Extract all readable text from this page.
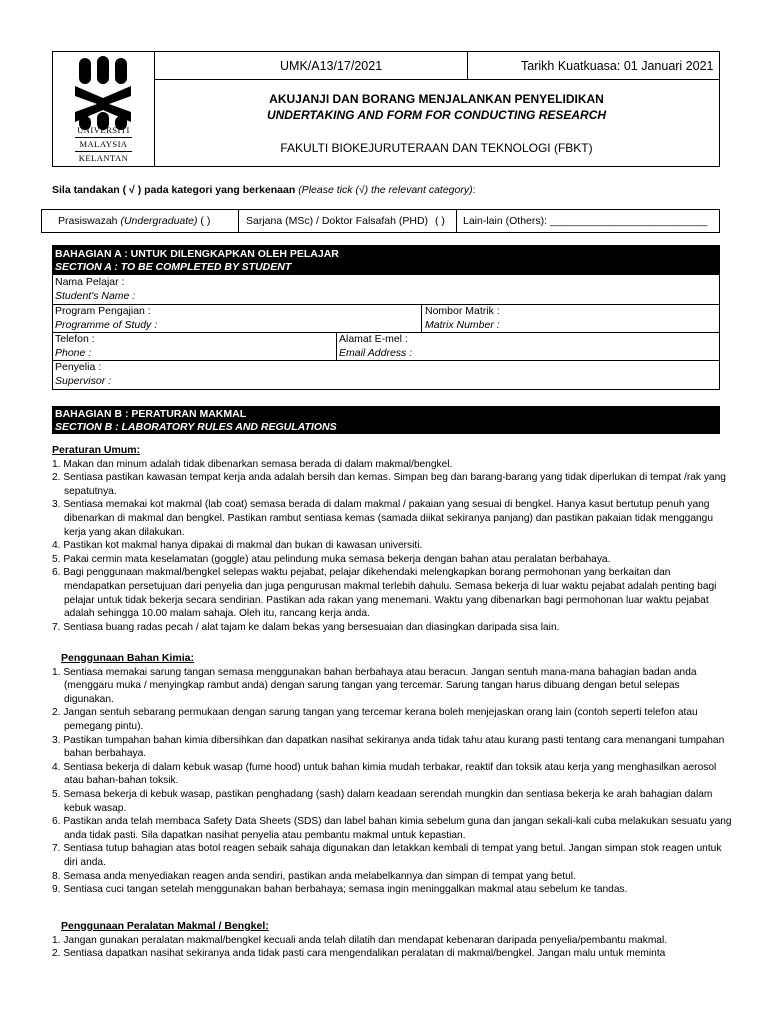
UNIVERSITI
MALAYSIA
KELANTAN
UMK/A13/17/2021	Tarikh Kuatkuasa: 01 Januari 2021
AKUJANJI DAN BORANG MENJALANKAN PENYELIDIKAN
UNDERTAKING AND FORM FOR CONDUCTING RESEARCH
FAKULTI BIOKEJURUTERAAN DAN TEKNOLOGI (FBKT)
Sila tandakan ( √ ) pada kategori yang berkenaan (Please tick (√) the relevant category):
Prasiswazah (Undergraduate) ( )	Sarjana (MSc) / Doktor Falsafah (PHD) ( ) Lain-lain (Others): ___________________________
BAHAGIAN A : UNTUK DILENGKAPKAN OLEH PELAJAR
SECTION A : TO BE COMPLETED BY STUDENT
Nama Pelajar :
Student's Name :
Program Pengajian :
Programme of Study :
Nombor Matrik :
Matrix Number :
Telefon :
Phone :
Alamat E-mel :
Email Address :
Penyelia :
Supervisor :
BAHAGIAN B : PERATURAN MAKMAL
SECTION B : LABORATORY RULES AND REGULATIONS

Peraturan Umum:

1. Makan dan minum adalah tidak dibenarkan semasa berada di dalam makmal/bengkel.

2. Sentiasa pastikan kawasan tempat kerja anda adalah bersih dan kemas. Simpan beg dan barang-barang yang tidak diperlukan di tempat /rak yang sepatutnya.

3. Sentiasa memakai kot makmal (lab coat) semasa berada di dalam makmal / pakaian yang sesuai di bengkel. Hanya kasut bertutup penuh yang dibenarkan di makmal dan bengkel. Pastikan rambut sentiasa kemas (samada diikat sekiranya panjang) dan pastikan pakaian tidak menggangu kerja yang akan dilakukan.

4. Pastikan kot makmal hanya dipakai di makmal dan bukan di kawasan universiti.

5. Pakai cermin mata keselamatan (goggle) atau pelindung muka semasa bekerja dengan bahan atau peralatan berbahaya.

6. Bagi penggunaan makmal/bengkel selepas waktu pejabat, pelajar dikehendaki melengkapkan borang permohonan yang berkaitan dan mendapatkan persetujuan dari penyelia dan juga pengurusan makmal terlebih dahulu. Semasa bekerja di luar waktu pejabat adalah penting bagi pelajar untuk tidak bekerja secara sendirian. Pastikan ada rakan yang menemani. Waktu yang dibenarkan bagi permohonan luar waktu pejabat adalah sehingga 10.00 malam sahaja. Oleh itu, rancang kerja anda.

7. Sentiasa buang radas pecah / alat tajam ke dalam bekas yang bersesuaian dan diasingkan daripada sisa lain.

Penggunaan Bahan Kimia:

1. Sentiasa memakai sarung tangan semasa menggunakan bahan berbahaya atau beracun. Jangan sentuh mana-mana bahagian badan anda (menggaru muka / menyingkap rambut anda) dengan sarung tangan yang tercemar. Sarung tangan harus dibuang dengan betul selepas digunakan.

2. Jangan sentuh sebarang permukaan dengan sarung tangan yang tercemar kerana boleh menjejaskan orang lain (contoh seperti telefon atau pemegang pintu).

3. Pastikan tumpahan bahan kimia dibersihkan dan dapatkan nasihat sekiranya anda tidak tahu atau kurang pasti tentang cara menangani tumpahan bahan berbahaya.

4. Sentiasa bekerja di dalam kebuk wasap (fume hood) untuk bahan kimia mudah terbakar, reaktif dan toksik atau kerja yang menghasilkan aerosol atau bahan-bahan toksik.

5. Semasa bekerja di kebuk wasap, pastikan penghadang (sash) dalam keadaan serendah mungkin dan sentiasa bekerja ke arah bahagian dalam kebuk wasap.

6. Pastikan anda telah membaca Safety Data Sheets (SDS) dan label bahan kimia sebelum guna dan jangan sekali-kali cuba melakukan sesuatu yang anda tidak pasti. Sila dapatkan nasihat penyelia atau pembantu makmal untuk kepastian.

7. Sentiasa tutup bahagian atas botol reagen sebaik sahaja digunakan dan letakkan kembali di tempat yang betul. Jangan simpan stok reagen untuk diri anda.

8. Semasa anda menyediakan reagen anda sendiri, pastikan anda melabelkannya dan simpan di tempat yang betul.

9. Sentiasa cuci tangan setelah menggunakan bahan berbahaya; semasa ingin meninggalkan makmal atau sebelum ke tandas.

Penggunaan Peralatan Makmal / Bengkel:

1. Jangan gunakan peralatan makmal/bengkel kecuali anda telah dilatih dan mendapat kebenaran daripada penyelia/pembantu makmal.

2. Sentiasa dapatkan nasihat sekiranya anda tidak pasti cara mengendalikan peralatan di makmal/bengkel. Jangan malu untuk meminta
